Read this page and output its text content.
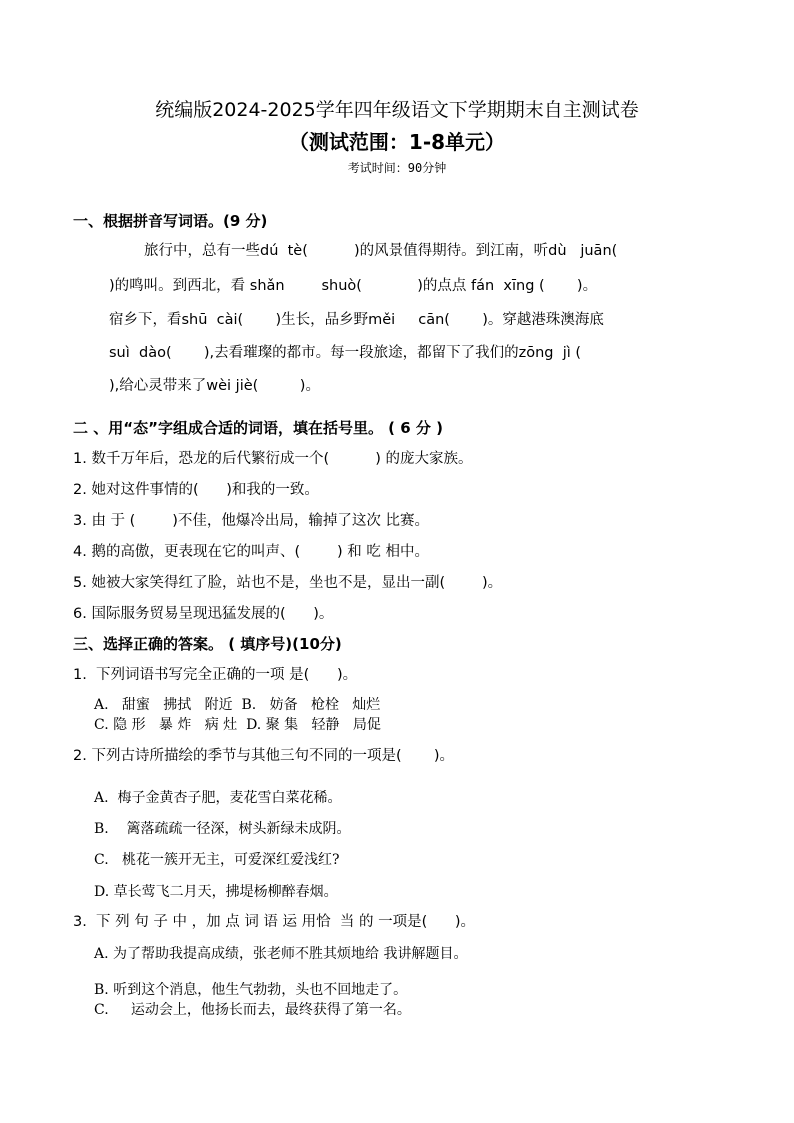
统编版2024-2025学年四年级语文下学期期末自主测试卷
（测试范围：1-8单元）
考试时间：90分钟
一、根据拼音写词语。(9 分)
旅行中，总有一些dú  tè(          )的风景值得期待。到江南，听dù   juān(
)的鸣叫。到西北，看 shǎn        shuò(            )的点点 fán  xīng (       )。
宿乡下，看shū  cài(       )生长，品乡野měi     cān(       )。穿越港珠澳海底
suì  dào(       ),去看璀璨的都市。每一段旅途，都留下了我们的zōng  jì (
),给心灵带来了wèi jiè(         )。
二 、用“态”字组成合适的词语，填在括号里。 ( 6 分 )
1. 数千万年后，恐龙的后代繁衍成一个(          ) 的庞大家族。
2. 她对这件事情的(      )和我的一致。
3. 由 于 (        )不佳，他爆冷出局，输掉了这次 比赛。
4. 鹅的高傲，更表现在它的叫声、(        ) 和 吃 相中。
5. 她被大家笑得红了脸，站也不是，坐也不是，显出一副(        )。
6. 国际服务贸易呈现迅猛发展的(      )。
三、选择正确的答案。 ( 填序号)(10分)
1.  下列词语书写完全正确的一项 是(      )。
A.   甜蜜   拂拭   附近  B.   妨备   枪栓   灿烂
C. 隐 形   暴 炸   病 灶  D. 聚 集   轻静   局促
2. 下列古诗所描绘的季节与其他三句不同的一项是(       )。
A.  梅子金黄杏子肥，麦花雪白菜花稀。
B.    篱落疏疏一径深，树头新绿未成阴。
C.   桃花一簇开无主，可爱深红爱浅红?
D. 草长莺飞二月天，拂堤杨柳醉春烟。
3.  下 列 句 子 中 ，加 点 词 语 运 用恰  当 的 一项是(      )。
A. 为了帮助我提高成绩，张老师不胜其烦地给 我讲解题目。
B. 听到这个消息，他生气勃勃，头也不回地走了。
C.     运动会上，他扬长而去，最终获得了第一名。
